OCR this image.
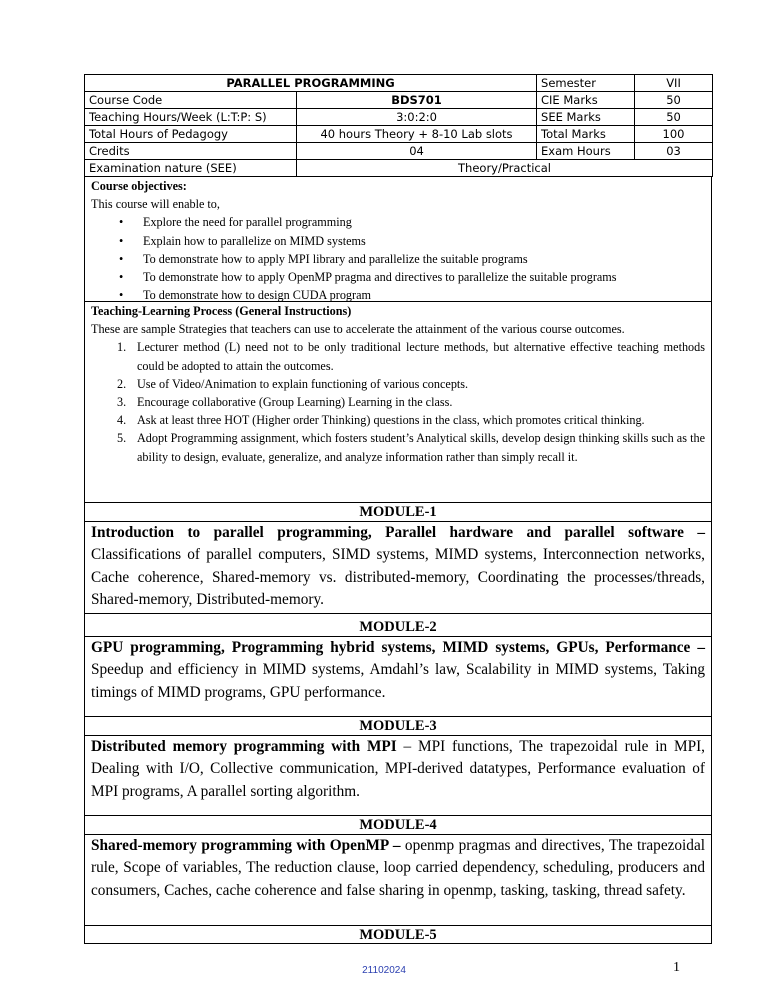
PARALLEL PROGRAMMING		Semester	VII
Course Code	BDS701	CIE Marks	50
Teaching Hours/Week (L:T:P: S)	3:0:2:0	SEE Marks	50
Total Hours of Pedagogy	40 hours Theory + 8-10 Lab slots	Total Marks	100
Credits	04	Exam Hours	03
Examination nature (SEE)	Theory/Practical		
Course objectives:
This course will enable to,
• Explore the need for parallel programming
• Explain how to parallelize on MIMD systems
• To demonstrate how to apply MPI library and parallelize the suitable programs
• To demonstrate how to apply OpenMP pragma and directives to parallelize the suitable programs
• To demonstrate how to design CUDA program
Teaching-Learning Process (General Instructions)
These are sample Strategies that teachers can use to accelerate the attainment of the various course outcomes.
1. Lecturer method (L) need not to be only traditional lecture methods, but alternative effective teaching methods could be adopted to attain the outcomes.
2. Use of Video/Animation to explain functioning of various concepts.
3. Encourage collaborative (Group Learning) Learning in the class.
4. Ask at least three HOT (Higher order Thinking) questions in the class, which promotes critical thinking.
5. Adopt Programming assignment, which fosters student’s Analytical skills, develop design thinking skills such as the ability to design, evaluate, generalize, and analyze information rather than simply recall it.
MODULE-1
Introduction to parallel programming, Parallel hardware and parallel software – Classifications of parallel computers, SIMD systems, MIMD systems, Interconnection networks, Cache coherence, Shared-memory vs. distributed-memory, Coordinating the processes/threads, Shared-memory, Distributed-memory.
MODULE-2
GPU programming, Programming hybrid systems, MIMD systems, GPUs, Performance – Speedup and efficiency in MIMD systems, Amdahl’s law, Scalability in MIMD systems, Taking timings of MIMD programs, GPU performance.
MODULE-3
Distributed memory programming with MPI – MPI functions, The trapezoidal rule in MPI, Dealing with I/O, Collective communication, MPI-derived datatypes, Performance evaluation of MPI programs, A parallel sorting algorithm.
MODULE-4
Shared-memory programming with OpenMP – openmp pragmas and directives, The trapezoidal rule, Scope of variables, The reduction clause, loop carried dependency, scheduling, producers and consumers, Caches, cache coherence and false sharing in openmp, tasking, tasking, thread safety.
MODULE-5
21102024	1
